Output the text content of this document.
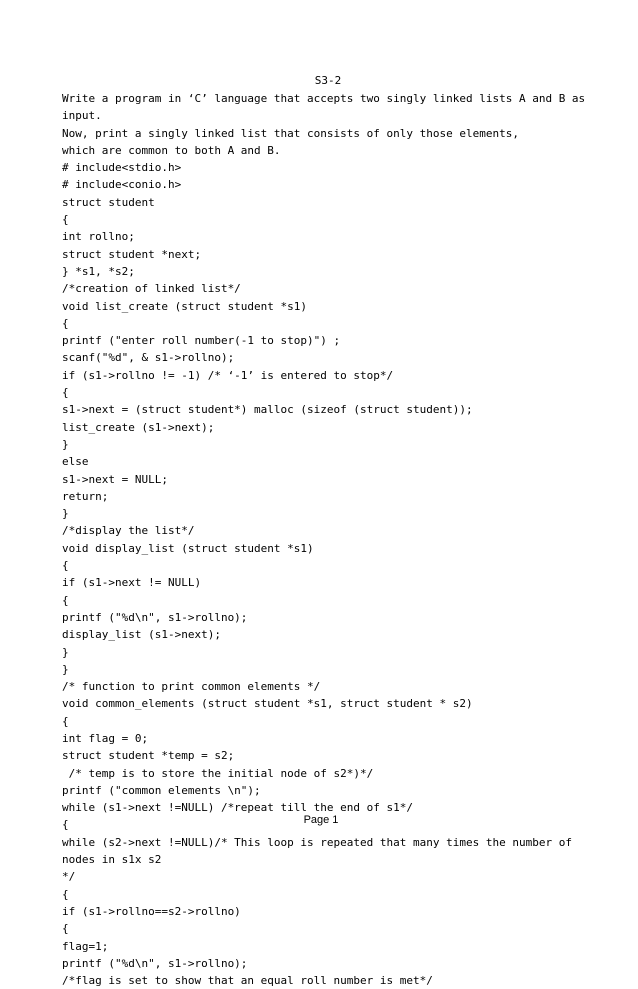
S3-2
Write a program in ‘C’ language that accepts two singly linked lists A and B as
input.
Now, print a singly linked list that consists of only those elements,
which are common to both A and B.
# include<stdio.h>
# include<conio.h>
struct student
{
int rollno;
struct student *next;
} *s1, *s2;
/*creation of linked list*/
void list_create (struct student *s1)
{
printf ("enter roll number(-1 to stop)") ;
scanf("%d", & s1->rollno);
if (s1->rollno != -1) /* ‘-1’ is entered to stop*/
{
s1->next = (struct student*) malloc (sizeof (struct student));
list_create (s1->next);
}
else
s1->next = NULL;
return;
}
/*display the list*/
void display_list (struct student *s1)
{
if (s1->next != NULL)
{
printf ("%d\n", s1->rollno);
display_list (s1->next);
}
}
/* function to print common elements */
void common_elements (struct student *s1, struct student * s2)
{
int flag = 0;
struct student *temp = s2;
/* temp is to store the initial node of s2*)*/
printf ("common elements \n");
while (s1->next !=NULL) /*repeat till the end of s1*/
{
while (s2->next !=NULL)/* This loop is repeated that many times the number of
nodes in s1x s2
*/
{
if (s1->rollno==s2->rollno)
{
flag=1;
printf ("%d\n", s1->rollno);
/*flag is set to show that an equal roll number is met*/
Page 1
